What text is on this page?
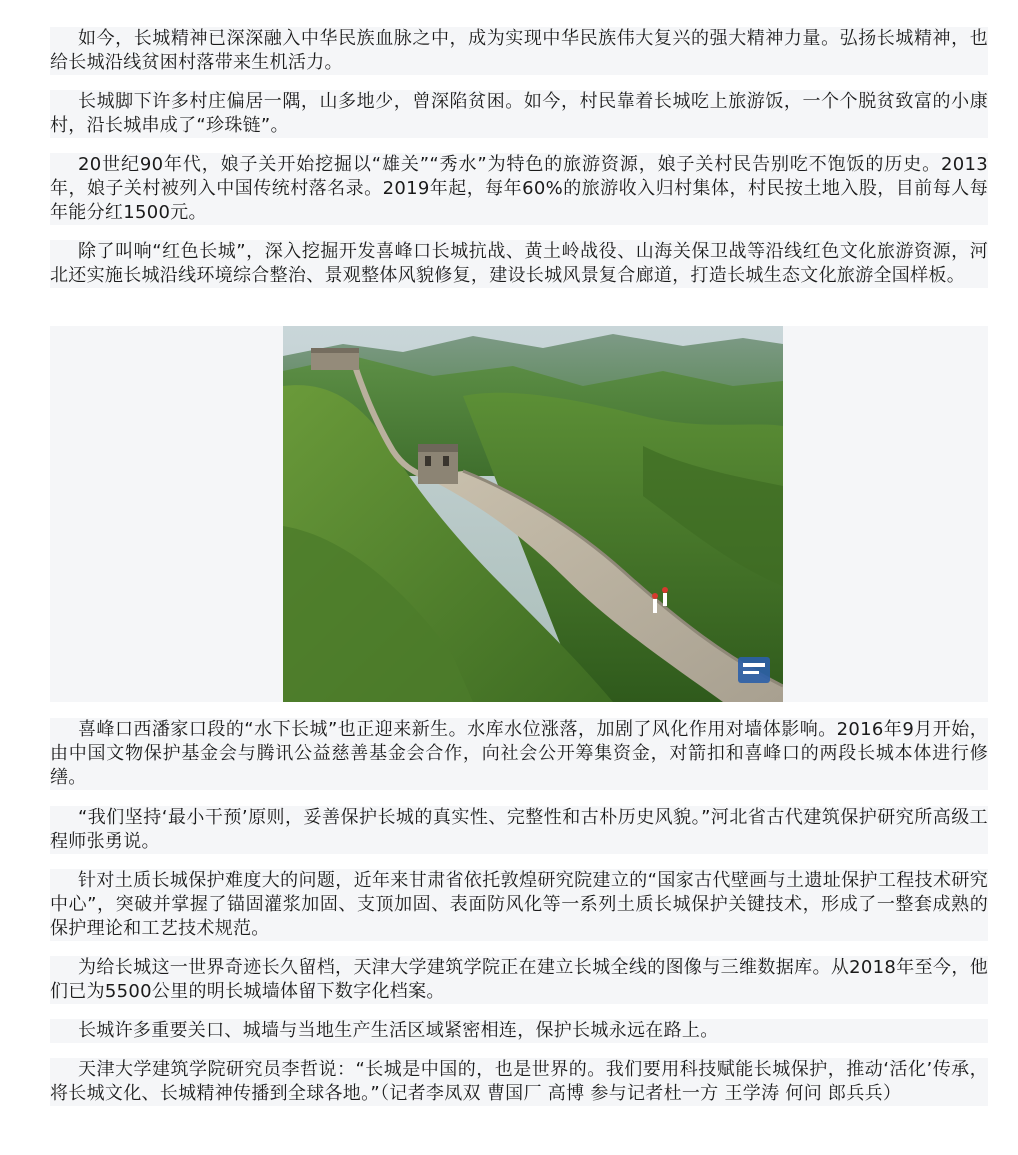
如今，长城精神已深深融入中华民族血脉之中，成为实现中华民族伟大复兴的强大精神力量。弘扬长城精神，也给长城沿线贫困村落带来生机活力。

长城脚下许多村庄偏居一隅，山多地少，曾深陷贫困。如今，村民靠着长城吃上旅游饭，一个个脱贫致富的小康村，沿长城串成了“珍珠链”。

20世纪90年代，娘子关开始挖掘以“雄关”“秀水”为特色的旅游资源，娘子关村民告别吃不饱饭的历史。2013年，娘子关村被列入中国传统村落名录。2019年起，每年60%的旅游收入归村集体，村民按土地入股，目前每人每年能分红1500元。

除了叫响“红色长城”，深入挖掘开发喜峰口长城抗战、黄土岭战役、山海关保卫战等沿线红色文化旅游资源，河北还实施长城沿线环境综合整治、景观整体风貌修复，建设长城风景复合廊道，打造长城生态文化旅游全国样板。

喜峰口西潘家口段的“水下长城”也正迎来新生。水库水位涨落，加剧了风化作用对墙体影响。2016年9月开始，由中国文物保护基金会与腾讯公益慈善基金会合作，向社会公开筹集资金，对箭扣和喜峰口的两段长城本体进行修缮。

“我们坚持‘最小干预’原则，妥善保护长城的真实性、完整性和古朴历史风貌。”河北省古代建筑保护研究所高级工程师张勇说。

针对土质长城保护难度大的问题，近年来甘肃省依托敦煌研究院建立的“国家古代壁画与土遗址保护工程技术研究中心”，突破并掌握了锚固灌浆加固、支顶加固、表面防风化等一系列土质长城保护关键技术，形成了一整套成熟的保护理论和工艺技术规范。

为给长城这一世界奇迹长久留档，天津大学建筑学院正在建立长城全线的图像与三维数据库。从2018年至今，他们已为5500公里的明长城墙体留下数字化档案。

长城许多重要关口、城墙与当地生产生活区域紧密相连，保护长城永远在路上。

天津大学建筑学院研究员李哲说：“长城是中国的，也是世界的。我们要用科技赋能长城保护，推动‘活化’传承，将长城文化、长城精神传播到全球各地。”（记者李凤双 曹国厂 高博 参与记者杜一方 王学涛 何问 郎兵兵）
